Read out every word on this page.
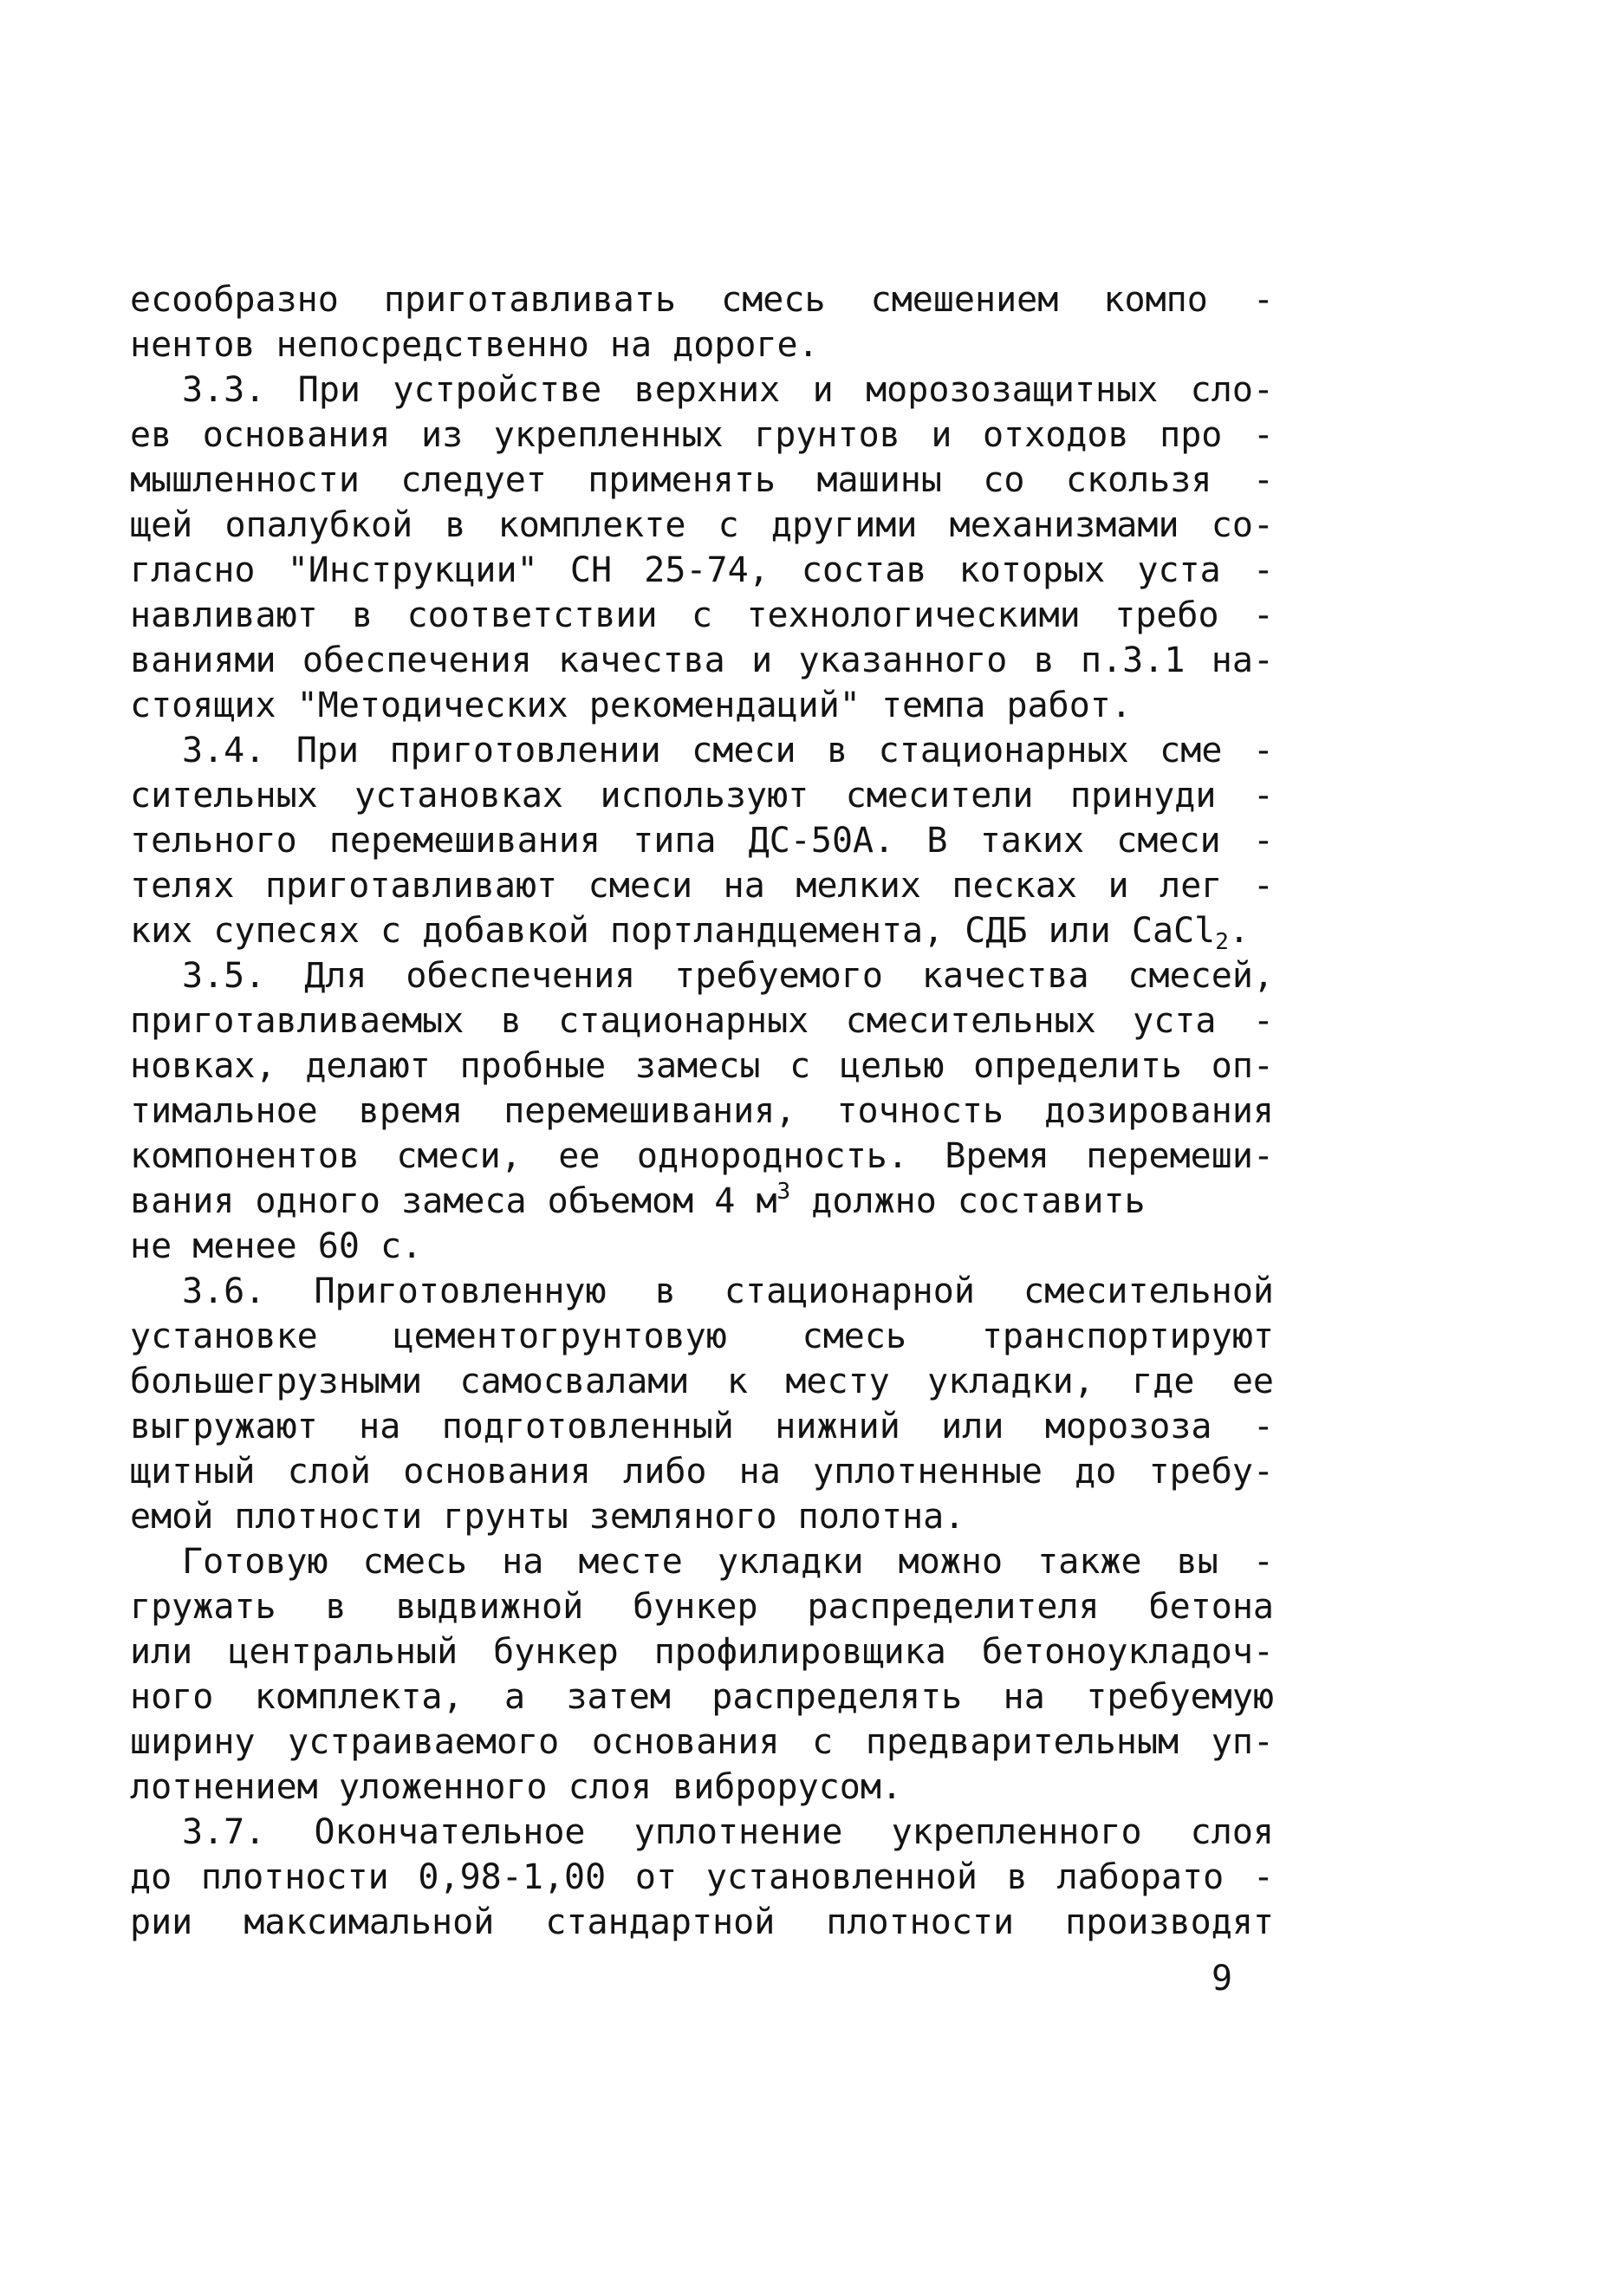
есообразно приготавливать смесь смешением компо -
нентов непосредственно на дороге.
3.3. При устройстве верхних и морозозащитных сло-
ев основания из укрепленных грунтов и отходов про -
мышленности следует применять машины со скользя -
щей опалубкой в комплекте с другими механизмами со-
гласно "Инструкции" СН 25-74, состав которых уста -
навливают в соответствии с технологическими требо -
ваниями обеспечения качества и указанного в п.3.1 на-
стоящих "Методических рекомендаций" темпа работ.
3.4. При приготовлении смеси в стационарных сме -
сительных установках используют смесители принуди -
тельного перемешивания типа ДС-50А. В таких смеси -
телях приготавливают смеси на мелких песках и лег -
ких супесях с добавкой портландцемента, СДБ или CaCl$_2$.
3.5. Для обеспечения требуемого качества смесей,
приготавливаемых в стационарных смесительных уста -
новках, делают пробные замесы с целью определить оп-
тимальное время перемешивания, точность дозирования
компонентов смеси, ее однородность. Время перемеши-
вания одного замеса объемом 4 $м^3$ должно составить
не менее 60 с.
3.6. Приготовленную в стационарной смесительной
установке цементогрунтовую смесь транспортируют
большегрузными самосвалами к месту укладки, где ее
выгружают на подготовленный нижний или морозоза -
щитный слой основания либо на уплотненные до требу-
емой плотности грунты земляного полотна.
Готовую смесь на месте укладки можно также вы -
гружать в выдвижной бункер распределителя бетона
или центральный бункер профилировщика бетоноукладоч-
ного комплекта, а затем распределять на требуемую
ширину устраиваемого основания с предварительным уп-
лотнением уложенного слоя виброрусом.
3.7. Окончательное уплотнение укрепленного слоя
до плотности 0,98-1,00 от установленной в лаборато -
рии максимальной стандартной плотности производят
9
